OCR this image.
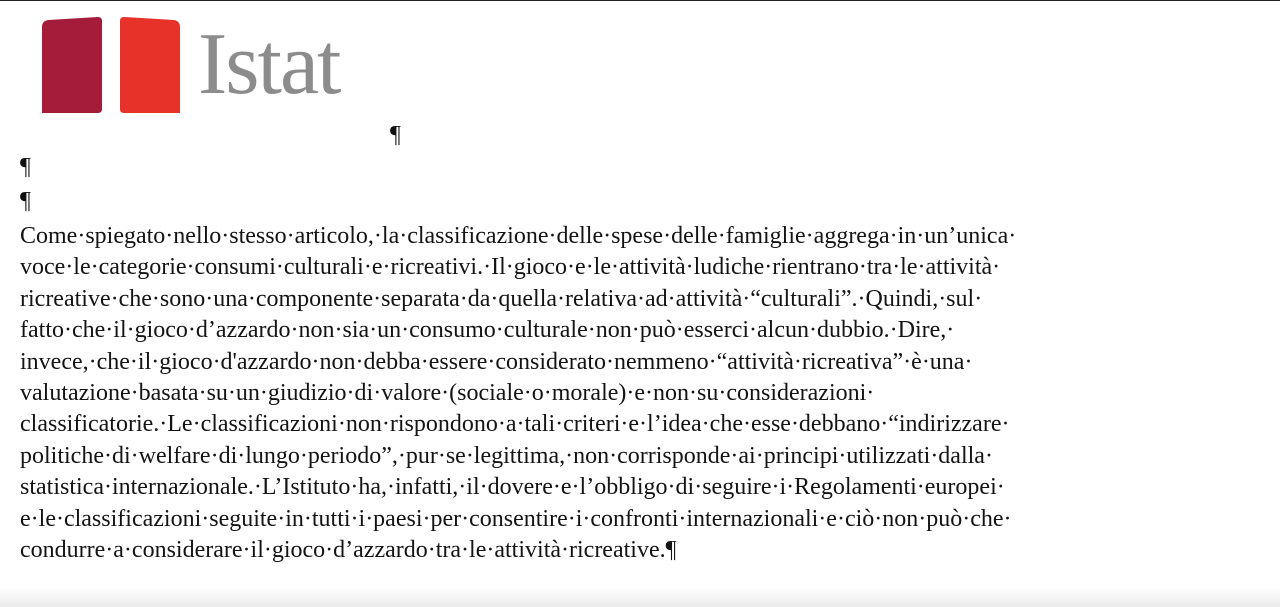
Istat
¶
¶
¶
Come·spiegato·nello·stesso·articolo,·la·classificazione·delle·spese·delle·famiglie·aggrega·in·un’unica·
voce·le·categorie·consumi·culturali·e·ricreativi.·Il·gioco·e·le·attività·ludiche·rientrano·tra·le·attività·
ricreative·che·sono·una·componente·separata·da·quella·relativa·ad·attività·“culturali”.·Quindi,·sul·
fatto·che·il·gioco·d’azzardo·non·sia·un·consumo·culturale·non·può·esserci·alcun·dubbio.·Dire,·
invece,·che·il·gioco·d'azzardo·non·debba·essere·considerato·nemmeno·“attività·ricreativa”·è·una·
valutazione·basata·su·un·giudizio·di·valore·(sociale·o·morale)·e·non·su·considerazioni·
classificatorie.·Le·classificazioni·non·rispondono·a·tali·criteri·e·l’idea·che·esse·debbano·“indirizzare·
politiche·di·welfare·di·lungo·periodo”,·pur·se·legittima,·non·corrisponde·ai·principi·utilizzati·dalla·
statistica·internazionale.·L’Istituto·ha,·infatti,·il·dovere·e·l’obbligo·di·seguire·i·Regolamenti·europei·
e·le·classificazioni·seguite·in·tutti·i·paesi·per·consentire·i·confronti·internazionali·e·ciò·non·può·che·
condurre·a·considerare·il·gioco·d’azzardo·tra·le·attività·ricreative.¶
